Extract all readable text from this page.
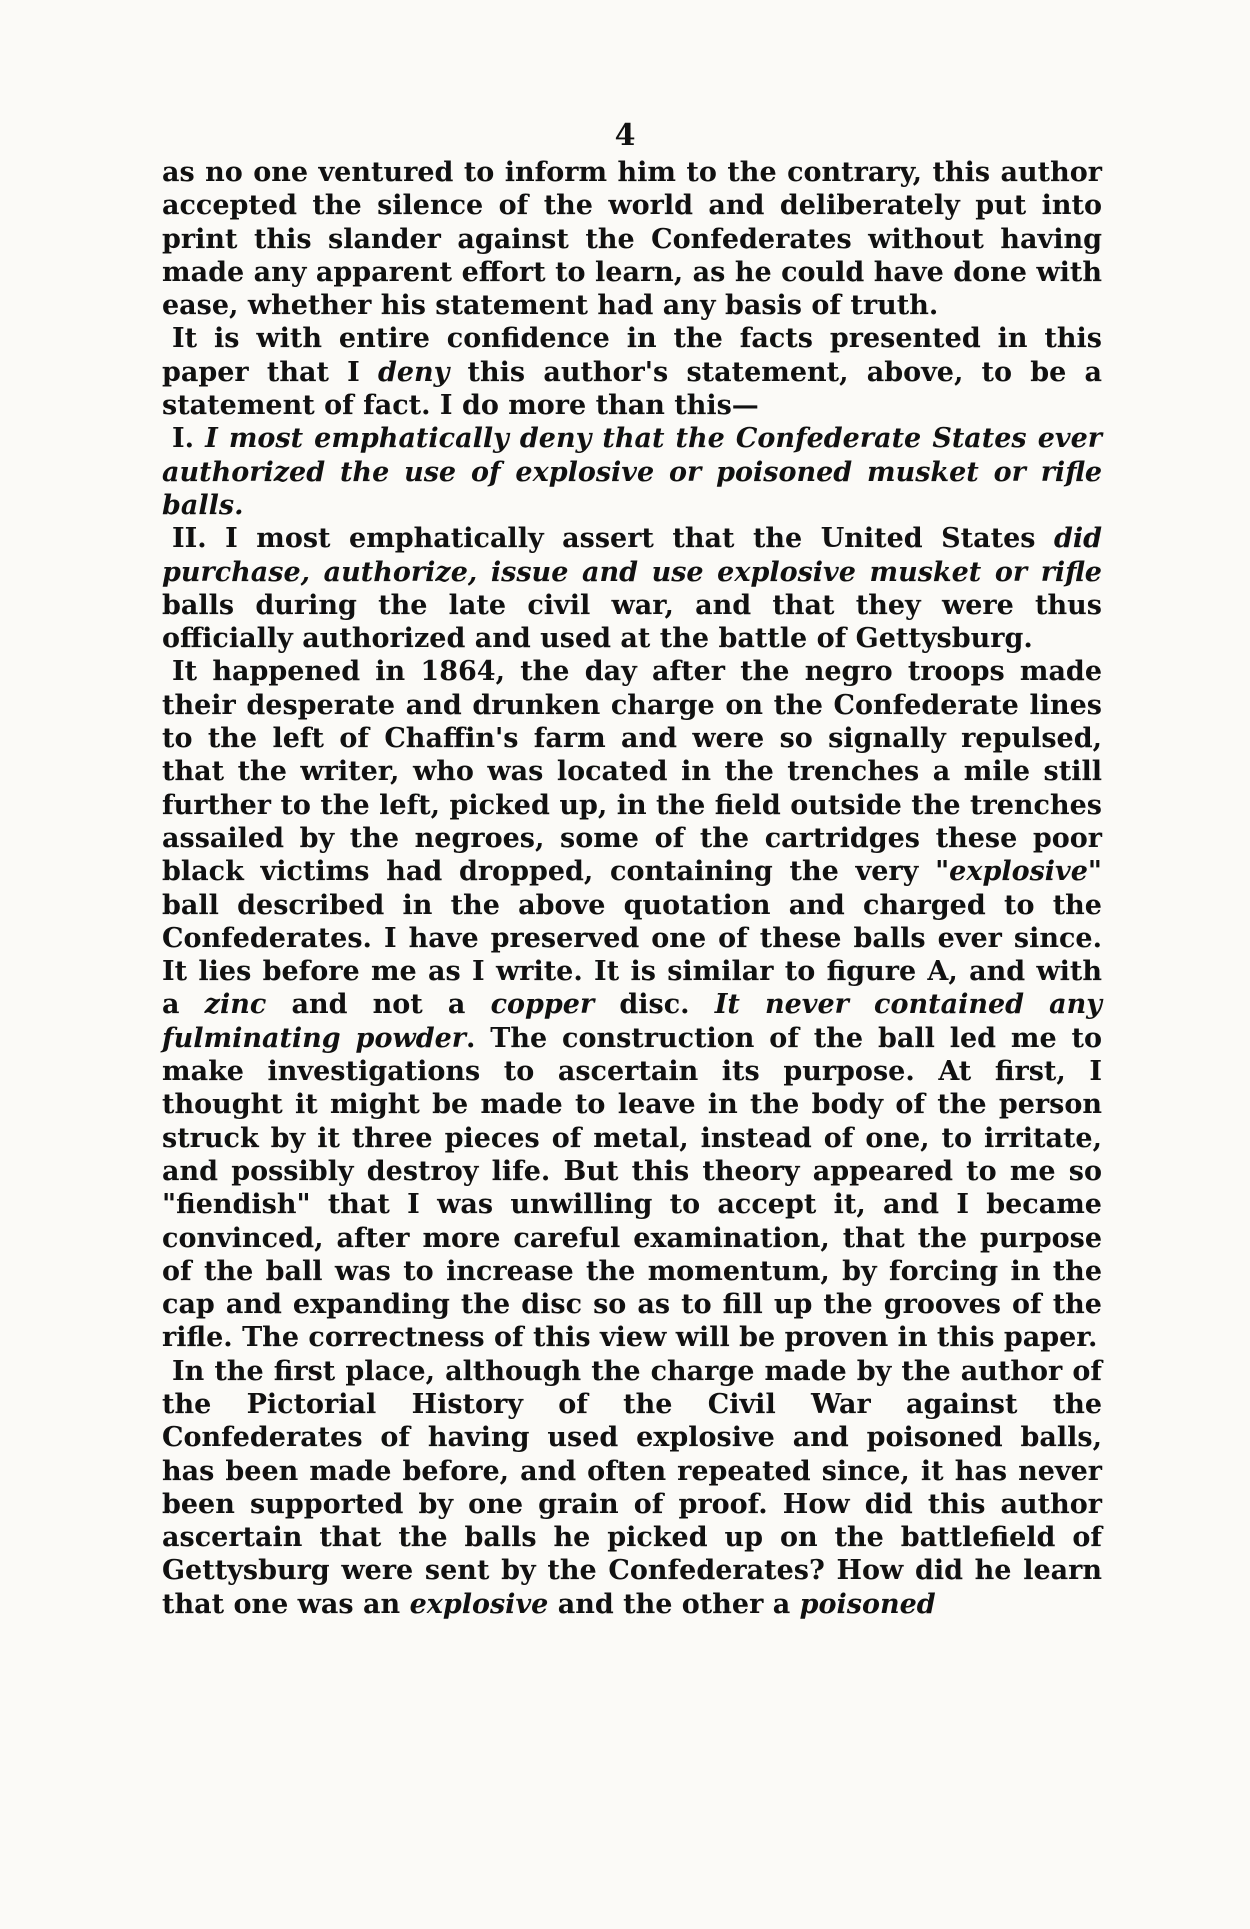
4

as no one ventured to inform him to the contrary, this author accepted the silence of the world and deliberately put into print this slander against the Confederates without having made any apparent effort to learn, as he could have done with ease, whether his statement had any basis of truth.

It is with entire confidence in the facts presented in this paper that I deny this author's statement, above, to be a statement of fact. I do more than this—

I. I most emphatically deny that the Confederate States ever authorized the use of explosive or poisoned musket or rifle balls.

II. I most emphatically assert that the United States did purchase, authorize, issue and use explosive musket or rifle balls during the late civil war, and that they were thus officially authorized and used at the battle of Gettysburg.

It happened in 1864, the day after the negro troops made their desperate and drunken charge on the Confederate lines to the left of Chaffin's farm and were so signally repulsed, that the writer, who was located in the trenches a mile still further to the left, picked up, in the field outside the trenches assailed by the negroes, some of the cartridges these poor black victims had dropped, containing the very "explosive" ball described in the above quotation and charged to the Confederates. I have preserved one of these balls ever since. It lies before me as I write. It is similar to figure A, and with a zinc and not a copper disc. It never contained any fulminating powder. The construction of the ball led me to make investigations to ascertain its purpose. At first, I thought it might be made to leave in the body of the person struck by it three pieces of metal, instead of one, to irritate, and possibly destroy life. But this theory appeared to me so "fiendish" that I was unwilling to accept it, and I became convinced, after more careful examination, that the purpose of the ball was to increase the momentum, by forcing in the cap and expanding the disc so as to fill up the grooves of the rifle. The correctness of this view will be proven in this paper.

In the first place, although the charge made by the author of the Pictorial History of the Civil War against the Confederates of having used explosive and poisoned balls, has been made before, and often repeated since, it has never been supported by one grain of proof. How did this author ascertain that the balls he picked up on the battlefield of Gettysburg were sent by the Confederates? How did he learn that one was an explosive and the other a poisoned
